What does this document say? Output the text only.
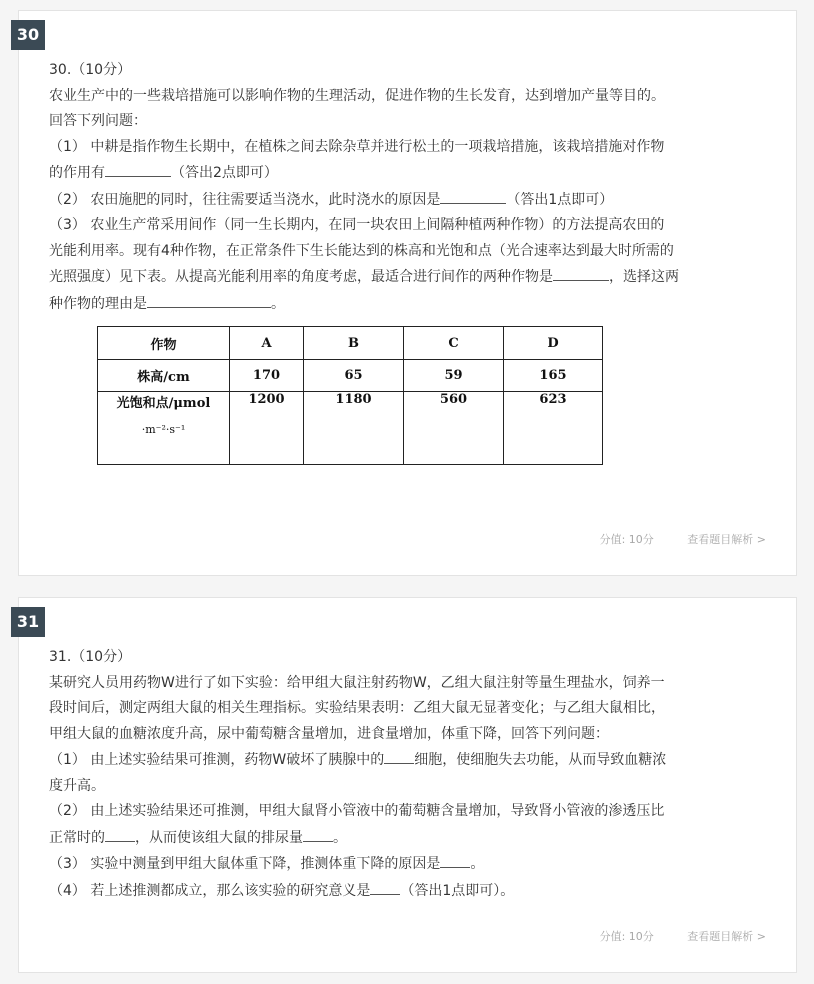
30

30.（10分）

农业生产中的一些栽培措施可以影响作物的生理活动，促进作物的生长发育，达到增加产量等目的。

回答下列问题：

（1） 中耕是指作物生长期中，在植株之间去除杂草并进行松土的一项栽培措施，该栽培措施对作物

的作用有	（答出2点即可）

（2） 农田施肥的同时，往往需要适当浇水，此时浇水的原因是	（答出1点即可）

（3） 农业生产常采用间作（同一生长期内，在同一块农田上间隔种植两种作物）的方法提高农田的

光能利用率。现有4种作物，在正常条件下生长能达到的株高和光饱和点（光合速率达到最大时所需的

光照强度）见下表。从提高光能利用率的角度考虑，最适合进行间作的两种作物是	，选择这两

种作物的理由是	。

作物	A	B	C	D
株高/cm	170	65	59	165
光饱和点/μmol
·m⁻²·s⁻¹	1200	1180	560	623
分值: 10分	查看题目解析 >
31

31.（10分）

某研究人员用药物W进行了如下实验：给甲组大鼠注射药物W，乙组大鼠注射等量生理盐水，饲养一

段时间后，测定两组大鼠的相关生理指标。实验结果表明：乙组大鼠无显著变化；与乙组大鼠相比，

甲组大鼠的血糖浓度升高，尿中葡萄糖含量增加，进食量增加，体重下降，回答下列问题：

（1） 由上述实验结果可推测，药物W破坏了胰腺中的 细胞，使细胞失去功能，从而导致血糖浓

度升高。

（2） 由上述实验结果还可推测，甲组大鼠肾小管液中的葡萄糖含量增加，导致肾小管液的渗透压比

正常时的 ，从而使该组大鼠的排尿量 。

（3） 实验中测量到甲组大鼠体重下降，推测体重下降的原因是 。

（4） 若上述推测都成立，那么该实验的研究意义是 （答出1点即可）。

分值: 10分	查看题目解析 >
